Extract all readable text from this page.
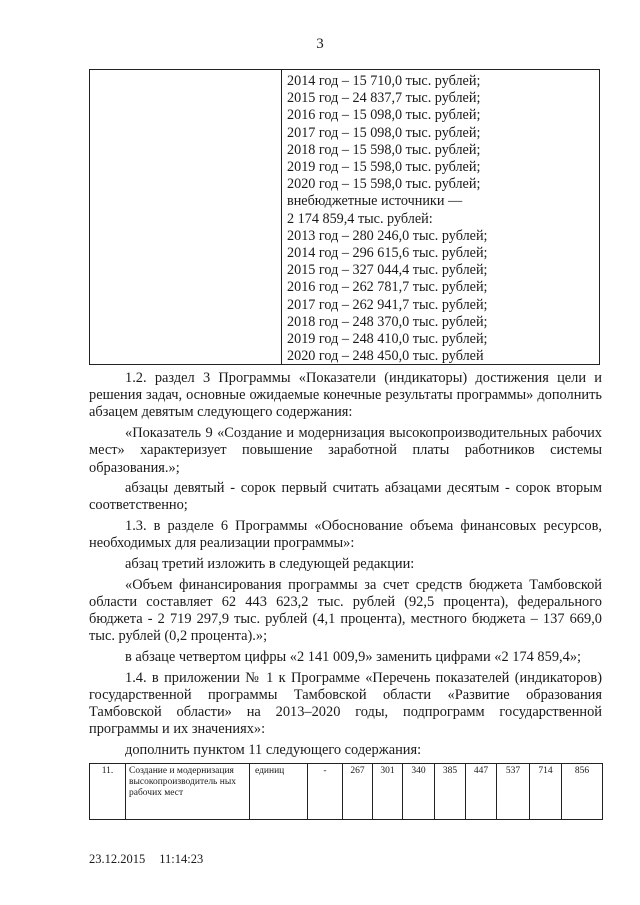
3
2014 год – 15 710,0 тыс. рублей;
2015 год – 24 837,7 тыс. рублей;
2016 год – 15 098,0 тыс. рублей;
2017 год – 15 098,0 тыс. рублей;
2018 год – 15 598,0 тыс. рублей;
2019 год – 15 598,0 тыс. рублей;
2020 год – 15 598,0 тыс. рублей;
внебюджетные источники —
2 174 859,4 тыс. рублей:
2013 год – 280 246,0 тыс. рублей;
2014 год – 296 615,6 тыс. рублей;
2015 год – 327 044,4 тыс. рублей;
2016 год – 262 781,7 тыс. рублей;
2017 год – 262 941,7 тыс. рублей;
2018 год – 248 370,0 тыс. рублей;
2019 год – 248 410,0 тыс. рублей;
2020 год – 248 450,0 тыс. рублей

1.2. раздел 3 Программы «Показатели (индикаторы) достижения цели и решения задач, основные ожидаемые конечные результаты программы» дополнить абзацем девятым следующего содержания:

«Показатель 9 «Создание и модернизация высокопроизводительных рабочих мест» характеризует повышение заработной платы работников системы образования.»;

абзацы девятый - сорок первый считать абзацами десятым - сорок вторым соответственно;

1.3. в разделе 6 Программы «Обоснование объема финансовых ресурсов, необходимых для реализации программы»:

абзац третий изложить в следующей редакции:

«Объем финансирования программы за счет средств бюджета Тамбовской области составляет 62 443 623,2 тыс. рублей (92,5 процента), федерального бюджета - 2 719 297,9 тыс. рублей (4,1 процента), местного бюджета – 137 669,0 тыс. рублей (0,2 процента).»;

в абзаце четвертом цифры «2 141 009,9» заменить цифрами «2 174 859,4»;

1.4. в приложении № 1 к Программе «Перечень показателей (индикаторов) государственной программы Тамбовской области «Развитие образования Тамбовской области» на 2013–2020 годы, подпрограмм государственной программы и их значениях»:

дополнить пунктом 11 следующего содержания:

11.	Создание и модернизация высокопроизводитель ных рабочих мест	единиц	-	267	301	340	385	447	537	714	856
23.12.2015 11:14:23
